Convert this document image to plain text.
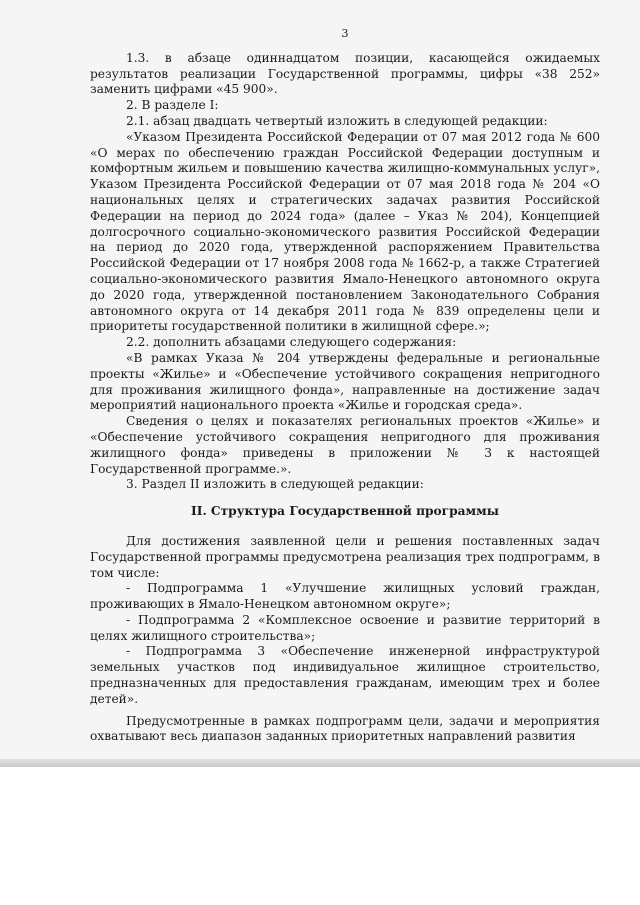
3

1.3. в абзаце одиннадцатом позиции, касающейся ожидаемых результатов реализации Государственной программы, цифры «38 252» заменить цифрами «45 900».

2. В разделе I:

2.1. абзац двадцать четвертый изложить в следующей редакции:

«Указом Президента Российской Федерации от 07 мая 2012 года № 600 «О мерах по обеспечению граждан Российской Федерации доступным и комфортным жильем и повышению качества жилищно-коммунальных услуг», Указом Президента Российской Федерации от 07 мая 2018 года № 204 «О национальных целях и стратегических задачах развития Российской Федерации на период до 2024 года» (далее – Указ № 204), Концепцией долгосрочного социально-экономического развития Российской Федерации на период до 2020 года, утвержденной распоряжением Правительства Российской Федерации от 17 ноября 2008 года № 1662-р, а также Стратегией социально-экономического развития Ямало-Ненецкого автономного округа до 2020 года, утвержденной постановлением Законодательного Собрания автономного округа от 14 декабря 2011 года № 839 определены цели и приоритеты государственной политики в жилищной сфере.»;

2.2. дополнить абзацами следующего содержания:

«В рамках Указа № 204 утверждены федеральные и региональные проекты «Жилье» и «Обеспечение устойчивого сокращения непригодного для проживания жилищного фонда», направленные на достижение задач мероприятий национального проекта «Жилье и городская среда».

Сведения о целях и показателях региональных проектов «Жилье» и «Обеспечение устойчивого сокращения непригодного для проживания жилищного фонда» приведены в приложении № 3 к настоящей Государственной программе.».

3. Раздел II изложить в следующей редакции:

II. Структура Государственной программы

Для достижения заявленной цели и решения поставленных задач Государственной программы предусмотрена реализация трех подпрограмм, в том числе:

- Подпрограмма 1 «Улучшение жилищных условий граждан, проживающих в Ямало-Ненецком автономном округе»;

- Подпрограмма 2 «Комплексное освоение и развитие территорий в целях жилищного строительства»;

- Подпрограмма 3 «Обеспечение инженерной инфраструктурой земельных участков под индивидуальное жилищное строительство, предназначенных для предоставления гражданам, имеющим трех и более детей».

Предусмотренные в рамках подпрограмм цели, задачи и мероприятия охватывают весь диапазон заданных приоритетных направлений развития
